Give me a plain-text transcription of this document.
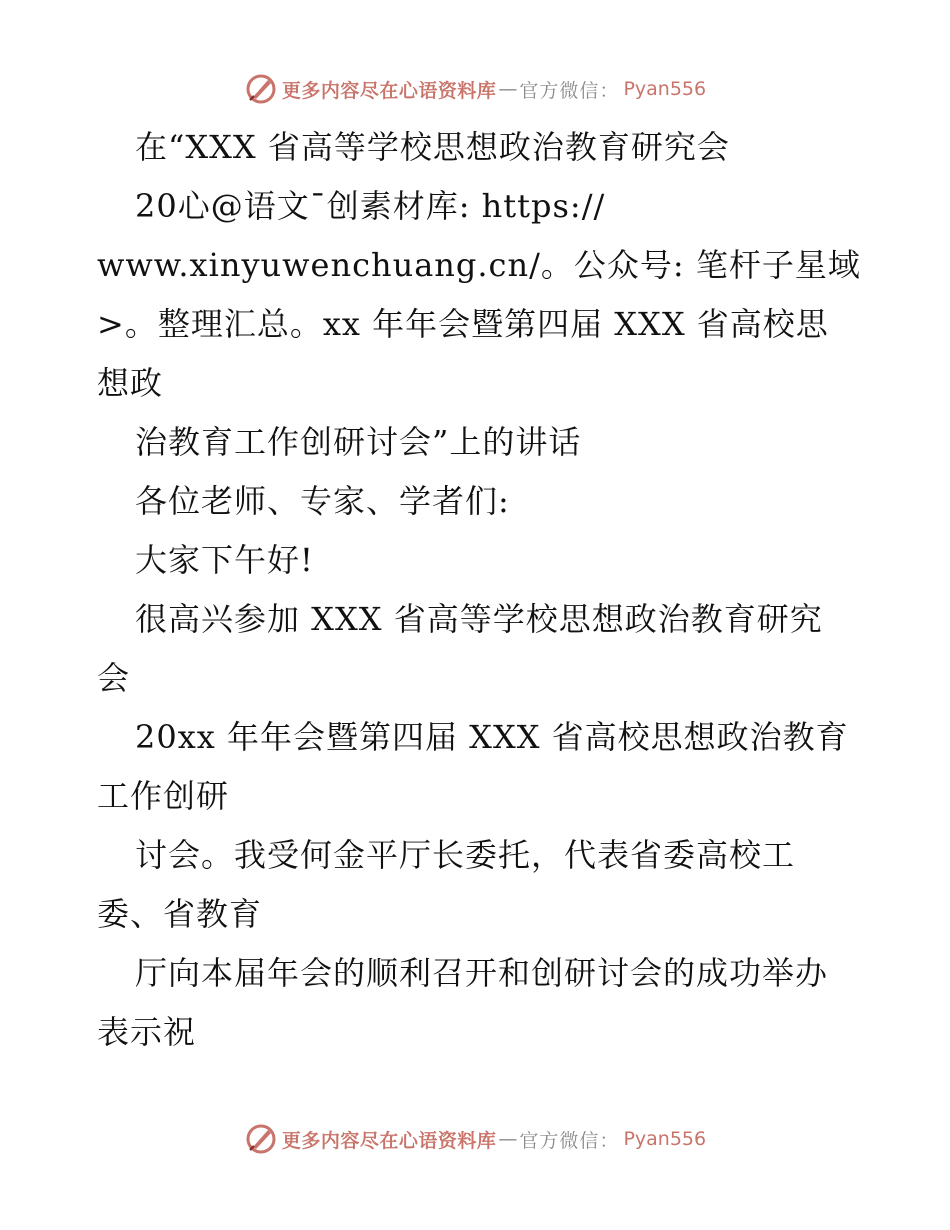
更多内容尽在心语资料库 — 官方微信： Pyan556
在“XXX 省高等学校思想政治教育研究会
20心@语文¯创素材库: https://
www.xinyuwenchuang.cn/。公众号: 笔杆子星域
>。整理汇总。xx 年年会暨第四届 XXX 省高校思
想政
治教育工作创研讨会”上的讲话
各位老师、专家、学者们:
大家下午好!
很高兴参加 XXX 省高等学校思想政治教育研究
会
20xx 年年会暨第四届 XXX 省高校思想政治教育
工作创研
讨会。我受何金平厅长委托，代表省委高校工
委、省教育
厅向本届年会的顺利召开和创研讨会的成功举办
表示祝
更多内容尽在心语资料库 — 官方微信： Pyan556
